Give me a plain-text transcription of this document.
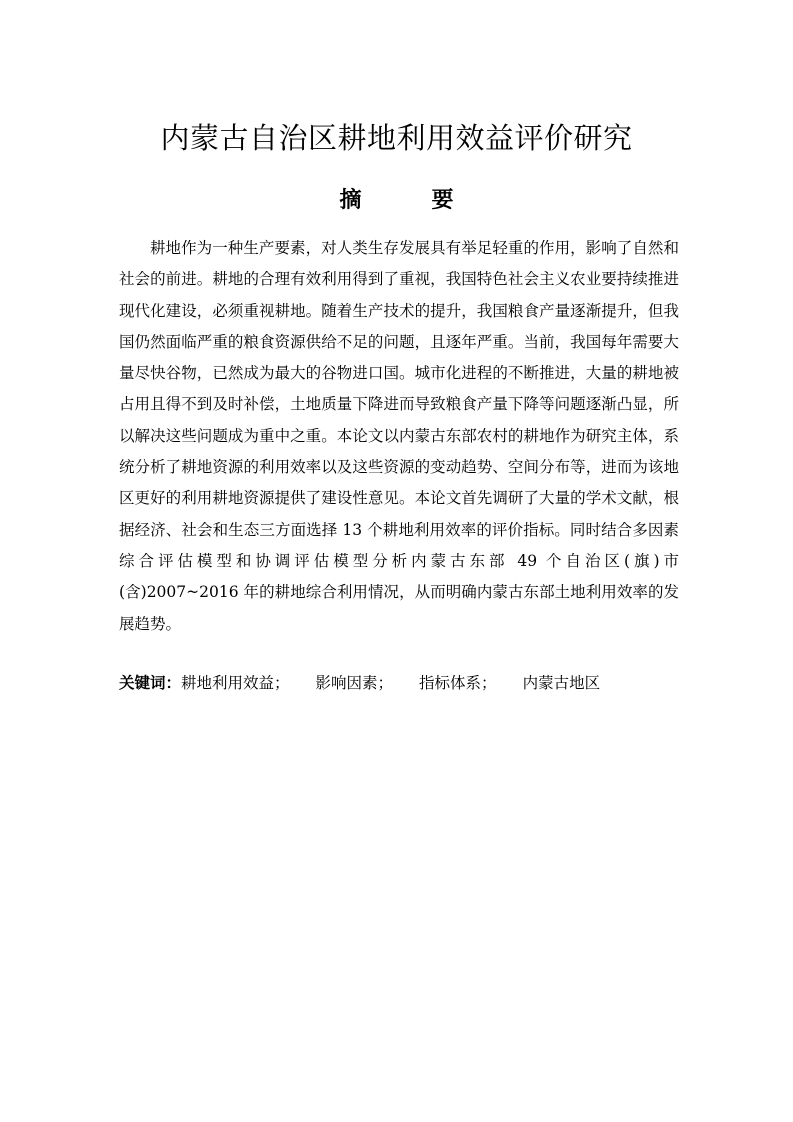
内蒙古自治区耕地利用效益评价研究
摘　要

耕地作为一种生产要素，对人类生存发展具有举足轻重的作用，影响了自然和社会的前进。耕地的合理有效利用得到了重视，我国特色社会主义农业要持续推进现代化建设，必须重视耕地。随着生产技术的提升，我国粮食产量逐渐提升，但我国仍然面临严重的粮食资源供给不足的问题，且逐年严重。当前，我国每年需要大量尽快谷物，已然成为最大的谷物进口国。城市化进程的不断推进，大量的耕地被占用且得不到及时补偿，土地质量下降进而导致粮食产量下降等问题逐渐凸显，所以解决这些问题成为重中之重。本论文以内蒙古东部农村的耕地作为研究主体，系统分析了耕地资源的利用效率以及这些资源的变动趋势、空间分布等，进而为该地区更好的利用耕地资源提供了建设性意见。本论文首先调研了大量的学术文献，根据经济、社会和生态三方面选择 13 个耕地利用效率的评价指标。同时结合多因素综合评估模型和协调评估模型分析内蒙古东部 49 个自治区(旗)市(含)2007~2016 年的耕地综合利用情况，从而明确内蒙古东部土地利用效率的发展趋势。

关键词：耕地利用效益； 影响因素； 指标体系； 内蒙古地区
